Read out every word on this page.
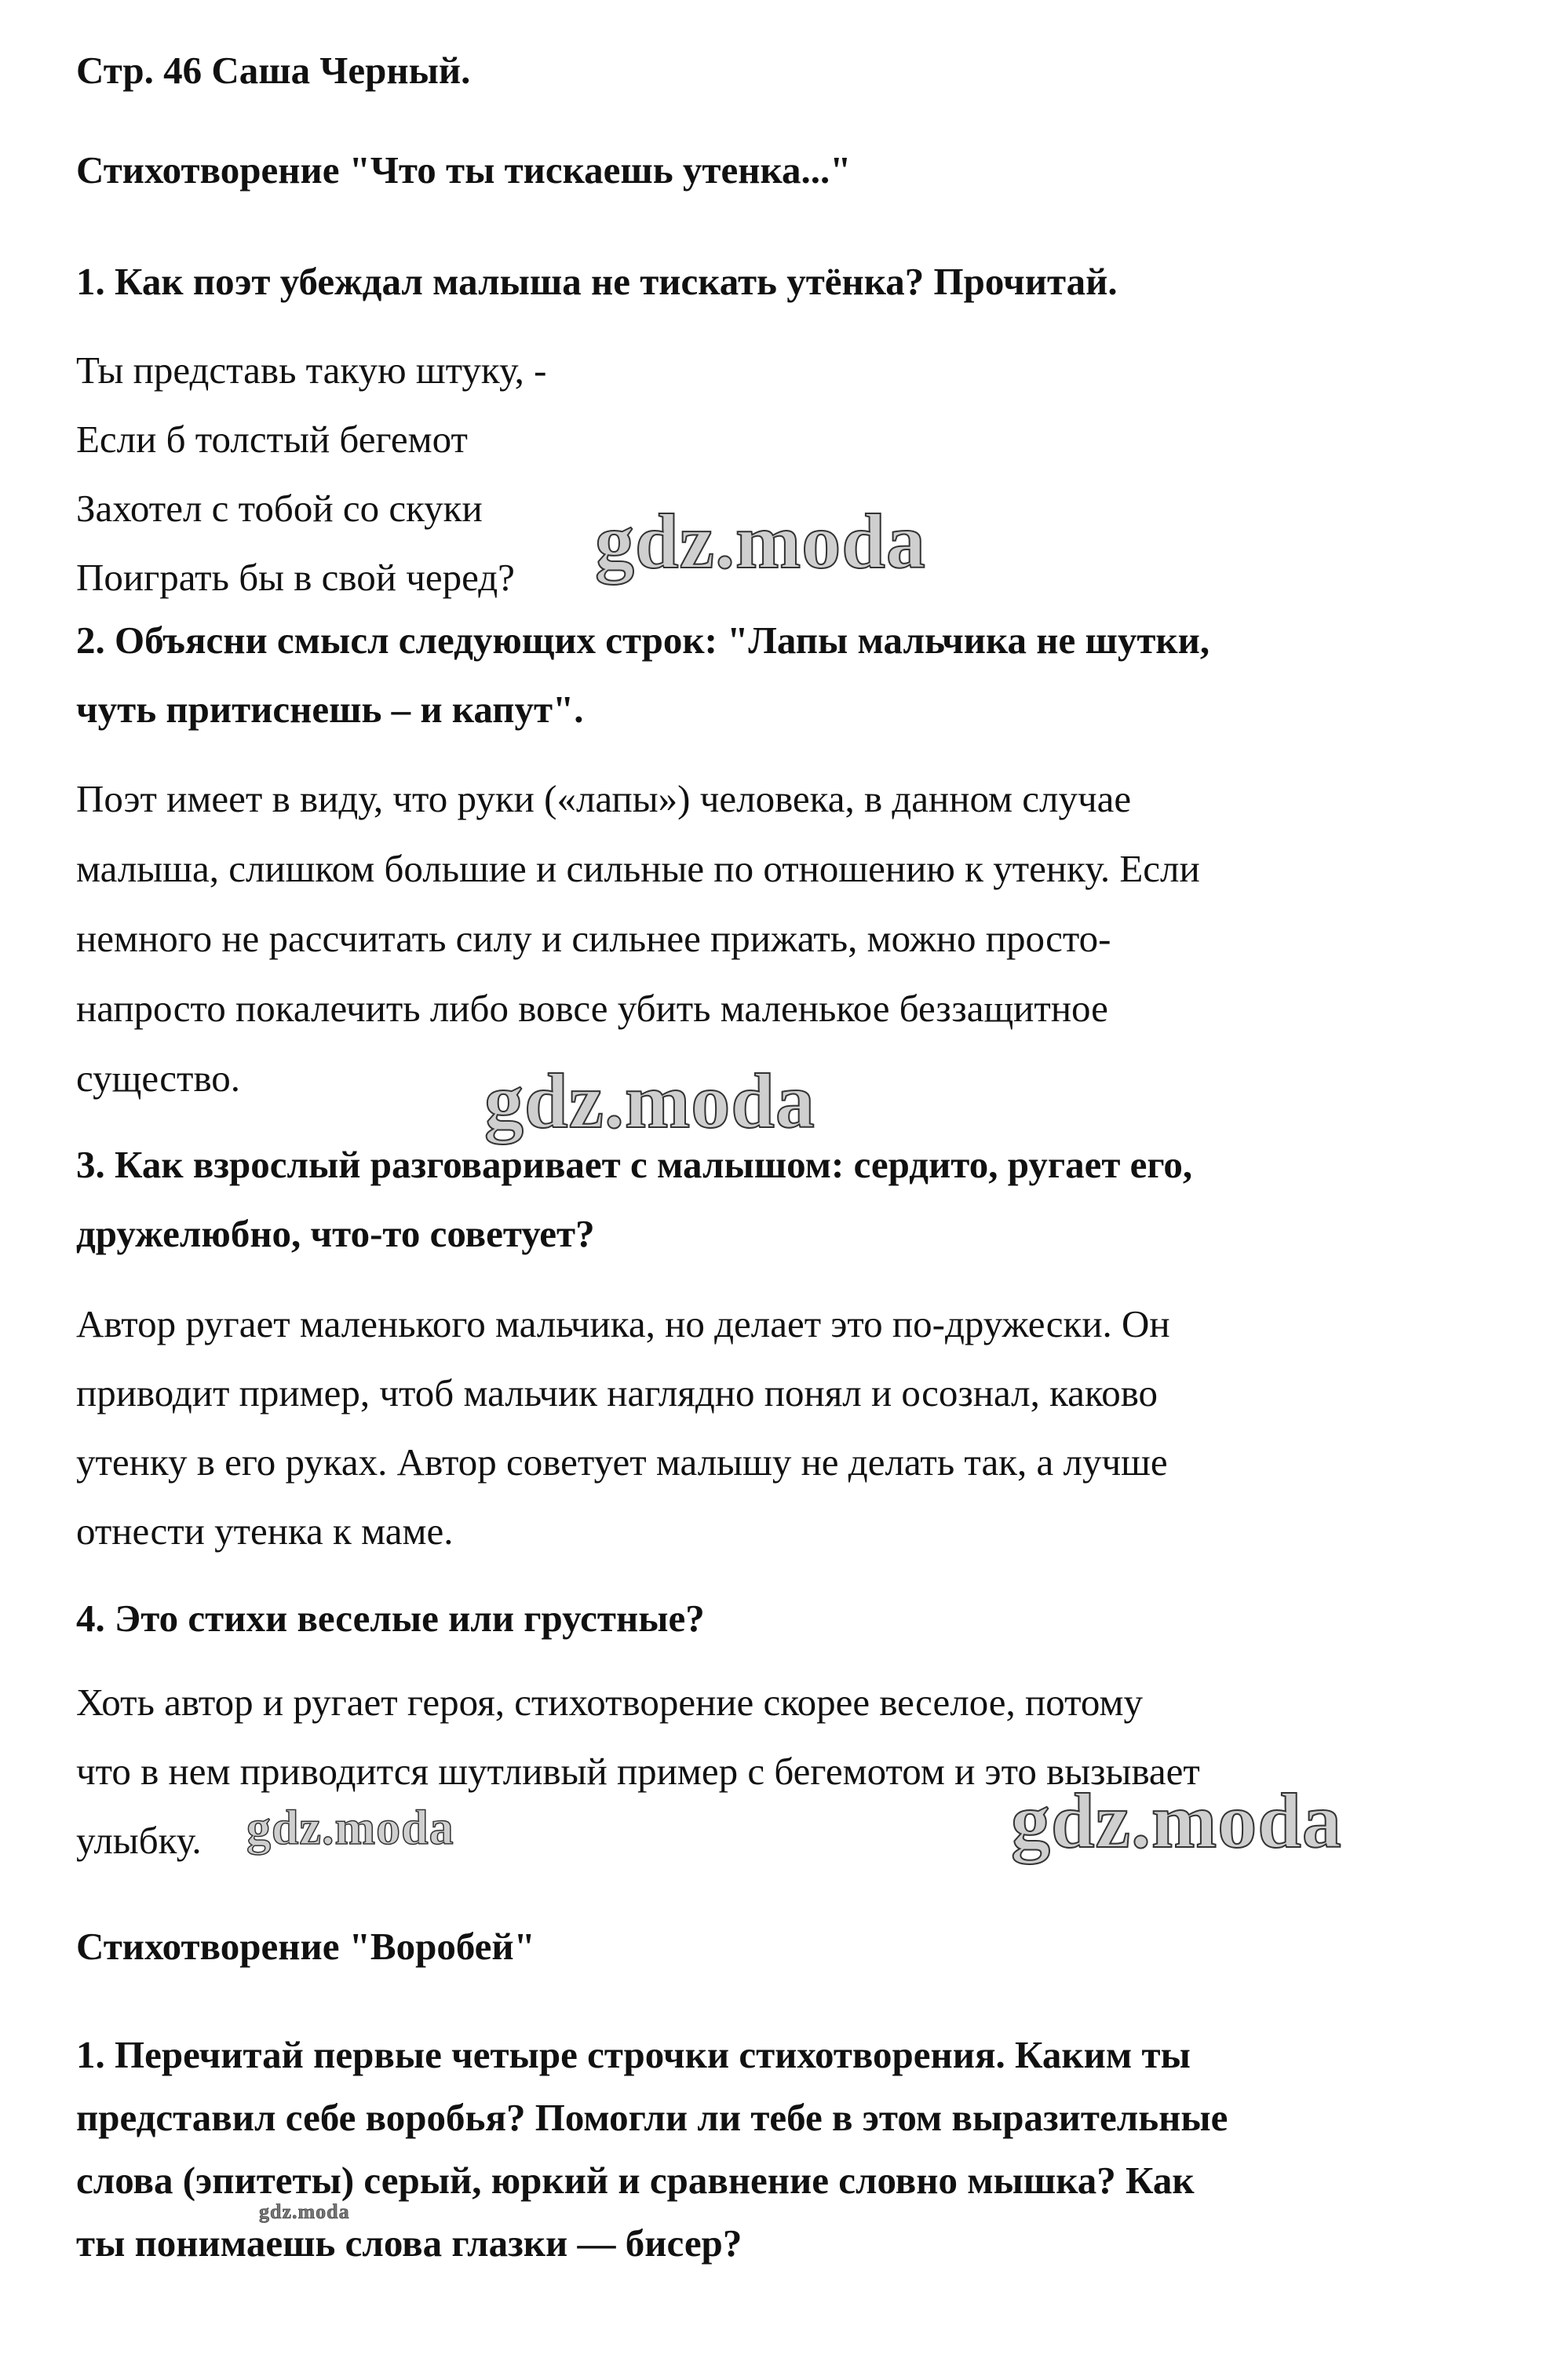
Стр. 46 Саша Черный.
Стихотворение "Что ты тискаешь утенка..."
1. Как поэт убеждал малыша не тискать утёнка? Прочитай.
Ты представь такую штуку, -
Если б толстый бегемот
Захотел с тобой со скуки
Поиграть бы в свой черед?
2. Объясни смысл следующих строк: "Лапы мальчика не шутки,
чуть притиснешь – и капут".
Поэт имеет в виду, что руки («лапы») человека, в данном случае
малыша, слишком большие и сильные по отношению к утенку. Если
немного не рассчитать силу и сильнее прижать, можно просто-
напросто покалечить либо вовсе убить маленькое беззащитное
существо.
3. Как взрослый разговаривает с малышом: сердито, ругает его,
дружелюбно, что-то советует?
Автор ругает маленького мальчика, но делает это по-дружески. Он
приводит пример, чтоб мальчик наглядно понял и осознал, каково
утенку в его руках. Автор советует малышу не делать так, а лучше
отнести утенка к маме.
4. Это стихи веселые или грустные?
Хоть автор и ругает героя, стихотворение скорее веселое, потому
что в нем приводится шутливый пример с бегемотом и это вызывает
улыбку.
Стихотворение "Воробей"
1. Перечитай первые четыре строчки стихотворения. Каким ты
представил себе воробья? Помогли ли тебе в этом выразительные
слова (эпитеты) серый, юркий и сравнение словно мышка? Как
ты понимаешь слова глазки — бисер?
gdz.moda
gdz.moda
gdz.moda	gdz.moda
gdz.moda
